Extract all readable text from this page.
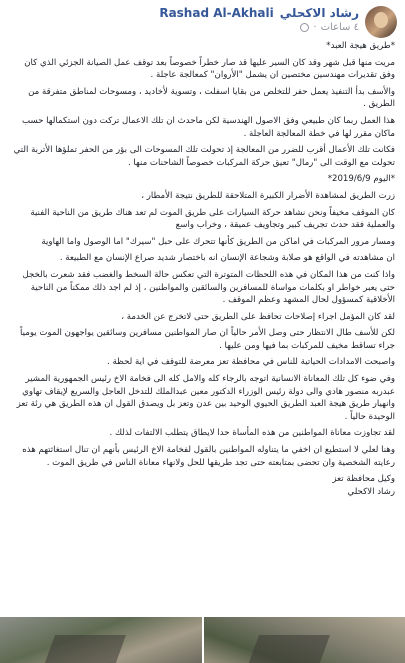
رشاد الاكحلي
Rashad Al-Akhali
٤ ساعات
·

*طريق هيجة العبد*

مريت منها قبل شهر وقد كان السير عليها قد صار خطراً خصوصاً بعد توقف عمل الصيانة الجزئي الذي كان وفق تقديرات مهندسين مختصين ان يشمل "الأروان" كمعالجة عاجلة .

والأسف بدأ التنفيذ يعمل حفر للتخلص من بقايا اسفلت ، وتسوية لأخاديد ، ومسوحات لمناطق متفرقة من الطريق .

هذا العمل ربما كان طبيعي وفق الاصول الهندسية لكن ماحدث ان تلك الاعمال تركت دون استكمالها حسب ماكان مقرر لها في خطة المعالجة العاجلة .

فكانت تلك الأعمال أقرب للضرر من المعالجة إذ تحولت تلك المسوحات الى بؤر من الحفر تملؤها الأتربة التي تحولت مع الوقت الى "رمال" تعيق حركة المركبات خصوصاً الشاحنات منها .

*اليوم 2019/6/9*

زرت الطريق لمشاهدة الأضرار الكبيرة المتلاحقة للطريق نتيجة الأمطار ،

كان الموقف مخيفاً ونحن نشاهد حركة السيارات على طريق الموت لم تعد هناك طريق من الناحية الفنية والعملية فقد حدث تجريف كبير وتجاويف عميقة ، وخراب واسع

ومسار مرور المركبات في اماكن من الطريق كأنها تتحرك على حبل "سيرك" اما الوصول واما الهاوية

ان مشاهدته في الواقع هو صلابة وشجاعة الإنسان انه باختصار شديد صراع الإنسان مع الطبيعة .

واذا كنت من هذا المكان في هذه اللحظات المتوترة التي تعكس حالة السخط والغضب فقد شعرت بالخجل حتى يعبر خواطر او بكلمات مواساة للمسافرين والسائقين والمواطنين ، إذ لم اجد ذلك ممكناً من الناحية الأخلاقية كمسؤول لحال المشهد وعظم الموقف .

لقد كان المؤمل اجراء إصلاحات تحافظ على الطريق حتى لاتخرج عن الخدمة ،

لكن للأسف طال الانتظار حتى وصل الأمر حالياً ان صار المواطنين مسافرين وسائقين يواجهون الموت يومياً جراء تساقط مخيف للمركبات بما فيها ومن عليها .

واصبحت الامدادات الحياتية للناس في محافظة تعز معرضة للتوقف في اية لحظة .

وفي ضوء كل تلك المعاناة الانسانية اتوجه بالرجاء كله والامل كله الى فخامة الاخ رئيس الجمهورية المشير عبدربه منصور هادي والى دولة رئيس الوزراء الدكتور معين عبدالملك للتدخل العاجل والسريع لإيقاف تهاوي وانهيار طريق هيجة العبد الطريق الحيوي الوحيد بين عدن وتعز بل ويصدق القول ان هذه الطريق هي رئة تعز الوحيدة حالياً .

لقد تجاوزت معاناة المواطنين من هذه المأساة حدا لايطاق يتطلب الالتفات لذلك .

وهنا لعلي لا استطيع ان اخفي ما يتناوله المواطنين بالقول لفخامة الاخ الرئيس بأنهم ان تنال استغاثتهم هذه رعايته الشخصية وان تحضى بمتابعته حتى تجد طريقها للحل ولانهاء معاناة الناس في طريق الموت .

وكيل محافظة تعز

رشاد الاكحلي
